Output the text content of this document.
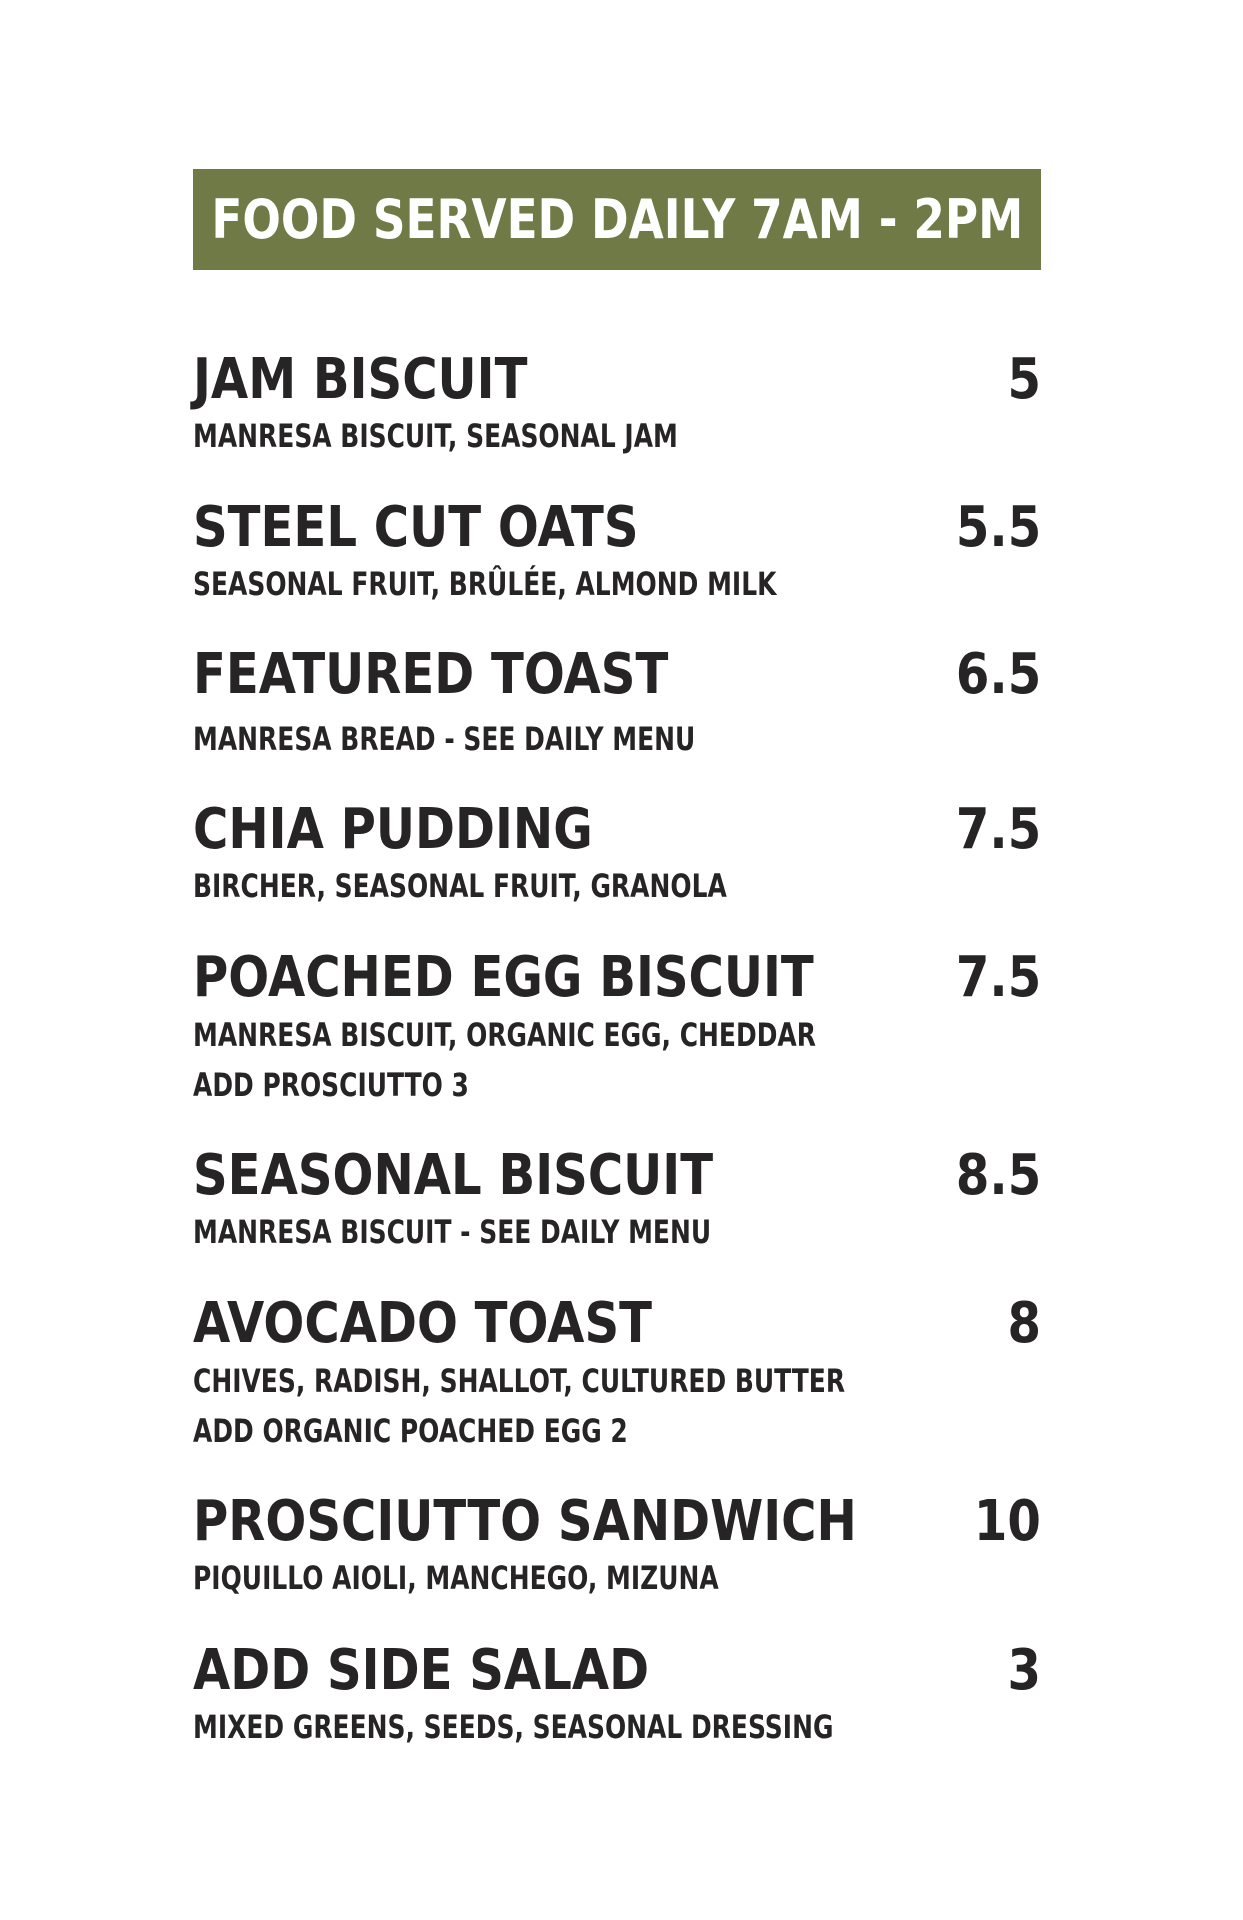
FOOD SERVED DAILY 7AM - 2PM
JAM BISCUIT	5
MANRESA BISCUIT, SEASONAL JAM
STEEL CUT OATS	5.5
SEASONAL FRUIT, BRÛLÉE, ALMOND MILK
FEATURED TOAST	6.5
MANRESA BREAD - SEE DAILY MENU
CHIA PUDDING	7.5
BIRCHER, SEASONAL FRUIT, GRANOLA
POACHED EGG BISCUIT	7.5
MANRESA BISCUIT, ORGANIC EGG, CHEDDAR
ADD PROSCIUTTO 3
SEASONAL BISCUIT	8.5
MANRESA BISCUIT - SEE DAILY MENU
AVOCADO TOAST	8
CHIVES, RADISH, SHALLOT, CULTURED BUTTER
ADD ORGANIC POACHED EGG 2
PROSCIUTTO SANDWICH 10
PIQUILLO AIOLI, MANCHEGO, MIZUNA
ADD SIDE SALAD	3
MIXED GREENS, SEEDS, SEASONAL DRESSING
